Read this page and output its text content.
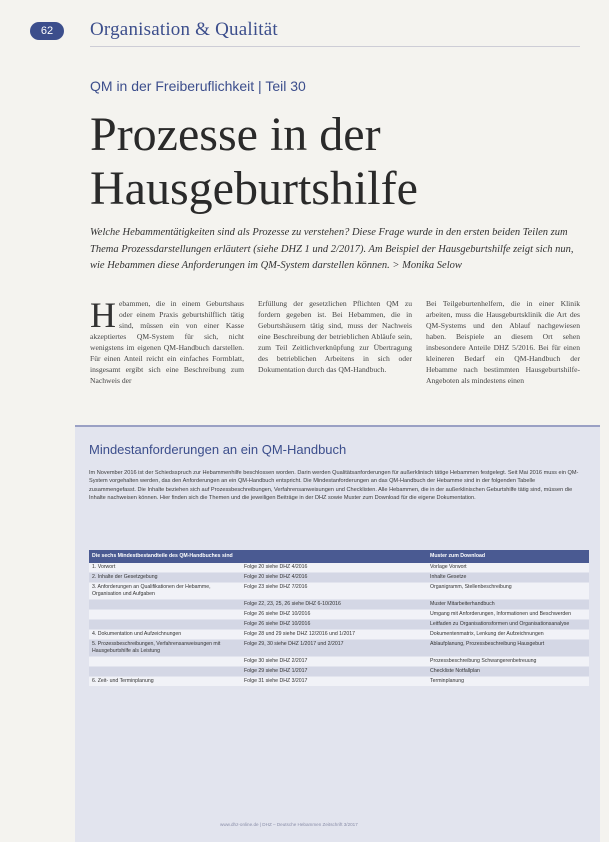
62	Organisation & Qualität
QM in der Freiberuflichkeit | Teil 30
Prozesse in der
Hausgeburtshilfe

Welche Hebammentätigkeiten sind als Prozesse zu verstehen? Diese Frage wurde in den ersten beiden Teilen zum Thema Prozessdarstellungen erläutert (siehe DHZ 1 und 2/2017). Am Beispiel der Hausgeburtshilfe zeigt sich nun, wie Hebammen diese Anforderungen im QM-System darstellen können. > Monika Selow

H ebammen, die in einem Geburtshaus oder einem Praxis geburtshilflich tätig sind, müssen ein von einer Kasse akzeptiertes QM-System für sich, nicht wenigstens im eigenen QM-Handbuch darstellen. Für einen Anteil reicht ein einfaches Formblatt, insgesamt ergibt sich eine Beschreibung zum Nachweis der
Erfüllung der gesetzlichen Pflichten QM zu fordern gegeben ist. Bei Hebammen, die in Geburtshäusern tätig sind, muss der Nachweis eine Beschreibung der betrieblichen Abläufe sein, zum Teil Zeitlichverknüpfung zur Übertragung des betrieblichen Arbeitens in sich oder Dokumentation durch das QM-Handbuch.
Bei Teilgeburtenhelfern, die in einer Klinik arbeiten, muss die Hausgeburtsklinik die Art des QM-Systems und den Ablauf nachgewiesen haben. Beispiele an diesem Ort sehen insbesondere Anteile DHZ 5/2016. Bei für einen kleineren Bedarf ein QM-Handbuch der Hebamme nach bestimmten Hausgeburtshilfe-Angeboten als mindestens einen
Mindestanforderungen an ein QM-Handbuch
Im November 2016 ist der Schiedsspruch zur Hebammenhilfe beschlossen worden. Darin werden Qualitätsanforderungen für außerklinisch tätige Hebammen festgelegt. Seit Mai 2016 muss ein QM-System vorgehalten werden, das den Anforderungen an ein QM-Handbuch entspricht. Die Mindestanforderungen an das QM-Handbuch der Hebamme sind in der folgenden Tabelle zusammengefasst. Die Inhalte beziehen sich auf Prozessbeschreibungen, Verfahrensanweisungen und Checklisten. Alle Hebammen, die in der außerklinischen Geburtshilfe tätig sind, müssen die Inhalte nachweisen können. Hier finden sich die Themen und die jeweiligen Beiträge in der DHZ sowie Muster zum Download für die eigene Dokumentation.
Die sechs Mindestbestandteile des QM-Handbuches sind		Muster zum Download
1. Vorwort	Folge 20 siehe DHZ 4/2016	Vorlage Vorwort
2. Inhalte der Gesetzgebung	Folge 20 siehe DHZ 4/2016	Inhalte Gesetze
3. Anforderungen an Qualifikationen der Hebamme, Organisation und Aufgaben	Folge 23 siehe DHZ 7/2016	Organigramm, Stellenbeschreibung
	Folge 22, 23, 25, 26 siehe DHZ 6-10/2016	Muster Mitarbeiterhandbuch
	Folge 26 siehe DHZ 10/2016	Umgang mit Anforderungen, Informationen und Beschwerden
	Folge 26 siehe DHZ 10/2016	Leitfaden zu Organisationsformen und Organisationsanalyse
4. Dokumentation und Aufzeichnungen	Folge 28 und 29 siehe DHZ 12/2016 und 1/2017	Dokumentenmatrix, Lenkung der Aufzeichnungen
5. Prozessbeschreibungen, Verfahrensanweisungen mit Hausgeburtshilfe als Leistung	Folge 29, 30 siehe DHZ 1/2017 und 2/2017	Ablaufplanung, Prozessbeschreibung Hausgeburt
	Folge 30 siehe DHZ 2/2017	Prozessbeschreibung Schwangerenbetreuung
	Folge 29 siehe DHZ 1/2017	Checkliste Notfallplan
6. Zeit- und Terminplanung	Folge 31 siehe DHZ 3/2017	Terminplanung
www.dhz-online.de | DHZ – Deutsche Hebammen Zeitschrift 3/2017
